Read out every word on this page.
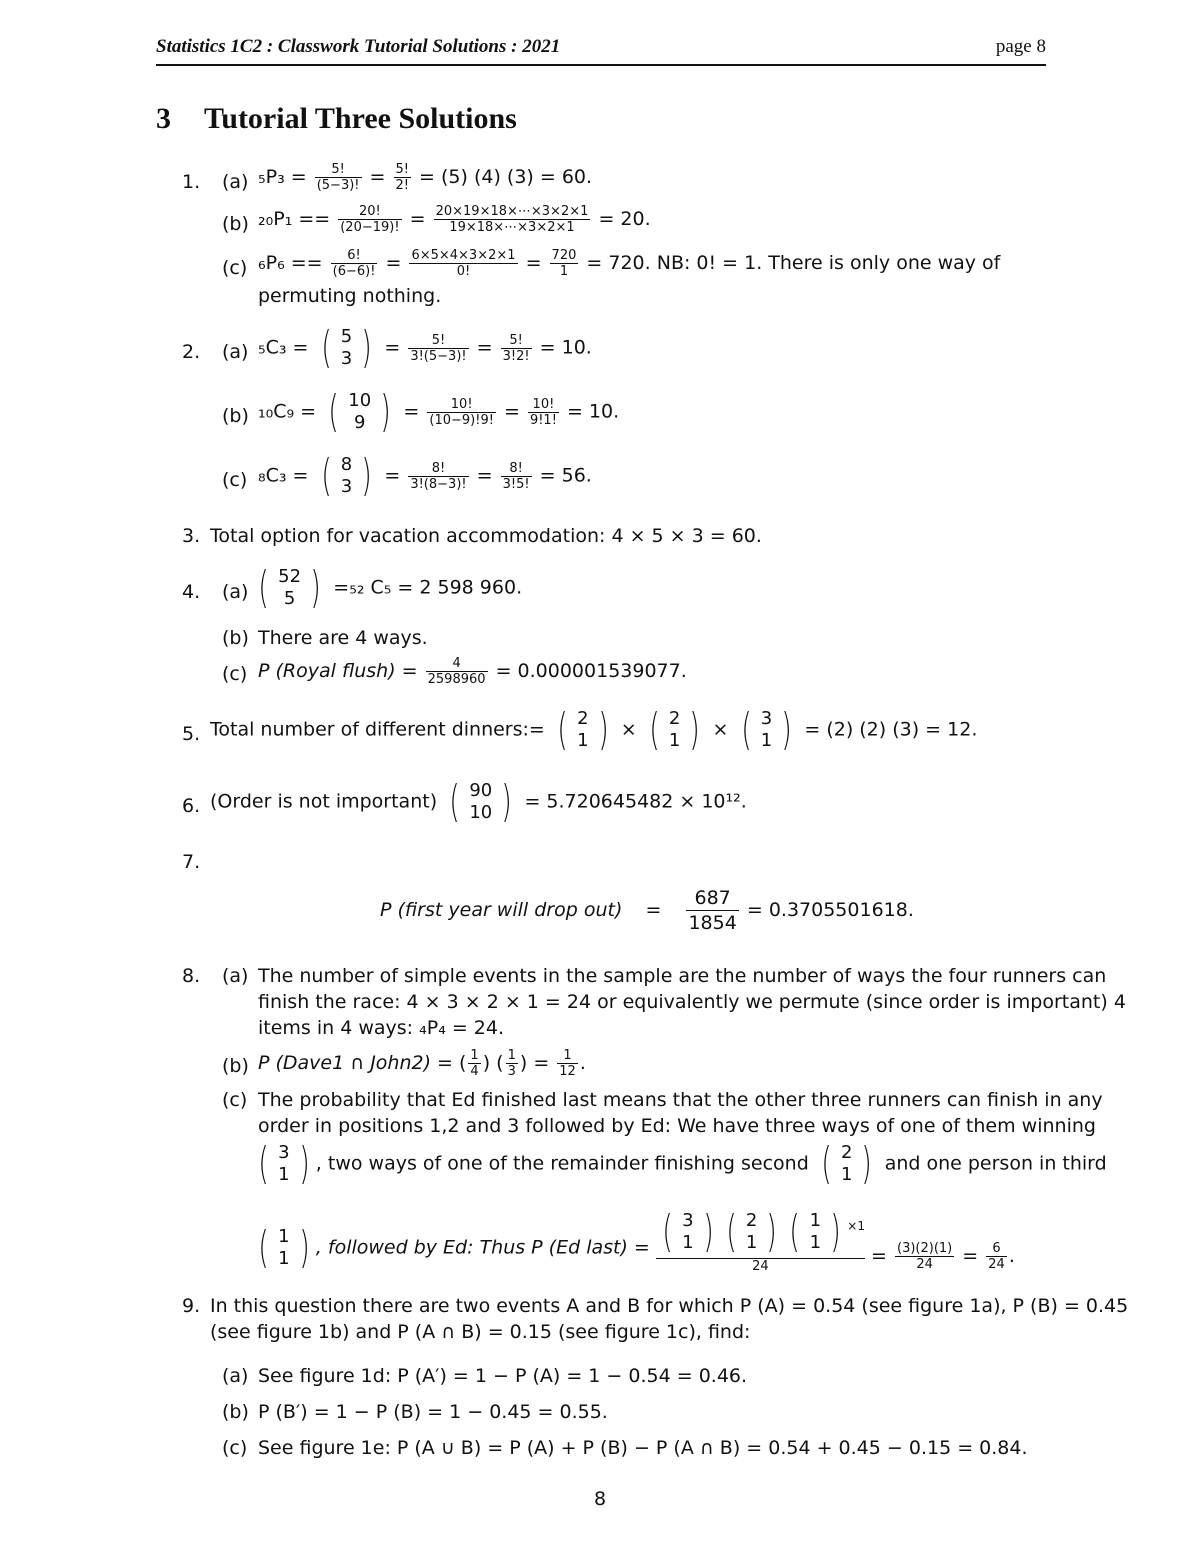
Statistics 1C2 : Classwork Tutorial Solutions : 2021	page 8
3 Tutorial Three Solutions
1. (a) $_5P_3 = \frac{5!}{(5-3)!} = \frac{5!}{2!} = (5)$ (4) (3) = 60.
(b) $_{20}P_1 == \frac{20!}{(20-19)!} = \frac{20\times 19\times 18\times\cdots\times 3\times 2\times 1}{19\times 18\times\cdots\times 3\times 2\times 1} = 20$.
(c) $_6P_6 == \frac{6!}{(6-6)!} = \frac{6\times 5\times 4\times 3\times 2\times 1}{0!} = \frac{720}{1} = 720$. NB: 0! = 1. There is only one way of
permuting nothing.
2. (a) ₅C₃ = ( 5
3 ) = $\frac{5!}{3!(5-3)!} = \frac{5!}{3!2!} = 10$.
(b) ₁₀C₉ = ( 10
9 ) = $\frac{10!}{(10-9)!9!} = \frac{10!}{9!1!} = 10$.
(c) ₈C₃ = ( 8
3 ) = $\frac{8!}{3!(8-3)!} = \frac{8!}{3!5!} = 56$.
3. Total option for vacation accommodation: 4 × 5 × 3 = 60.
4. (a) ( 52
5 ) =₅₂ C₅ = 2 598 960.
(b) There are 4 ways.
(c) P (Royal flush) = $\frac{4}{2598960} = 0.000001539077$.
5. Total number of different dinners:= ( 2
1 ) × ( 2
1 ) × ( 3
1 ) = (2) (2) (3) = 12.
6. (Order is not important) ( 90
10 ) = 5.720645482 × 10¹².
7.
P (first year will drop $out) = \frac{687}{1854} = 0.3705501618$.
8. (a) The number of simple events in the sample are the number of ways the four runners can
finish the race: 4 × 3 × 2 × 1 = 24 or equivalently we permute (since order is important) 4
items in 4 ways: ₄P₄ = 24.
(b) P (Dave1 ∩ John2) = ( $\frac{1}{4}$ ) ( $\frac{1}{3}$ ) = $\frac{1}{12}$ .
(c) The probability that Ed finished last means that the other three runners can finish in any
order in positions 1,2 and 3 followed by Ed: We have three ways of one of them winning
( 3
1 ) , two ways of one of the remainder finishing second ( 2
1 ) and one person in third
( 1
1 ) , followed by Ed: Thus P (Ed last) = ( 3
1 ) ( 2
1 ) ( 1
1 ) $^{\times 1}$
24	= $\frac{(3)(2)(1)}{24} = \frac{6}{24}$ .
9. In this question there are two events A and B for which P (A) = 0.54 (see figure 1a), P (B) = 0.45
(see figure 1b) and P (A ∩ B) = 0.15 (see figure 1c), find:
(a) See figure 1d: P (A′) = 1 − P (A) = 1 − 0.54 = 0.46.
(b) P (B′) = 1 − P (B) = 1 − 0.45 = 0.55.
(c) See figure 1e: P (A ∪ B) = P (A) + P (B) − P (A ∩ B) = 0.54 + 0.45 − 0.15 = 0.84.
8
